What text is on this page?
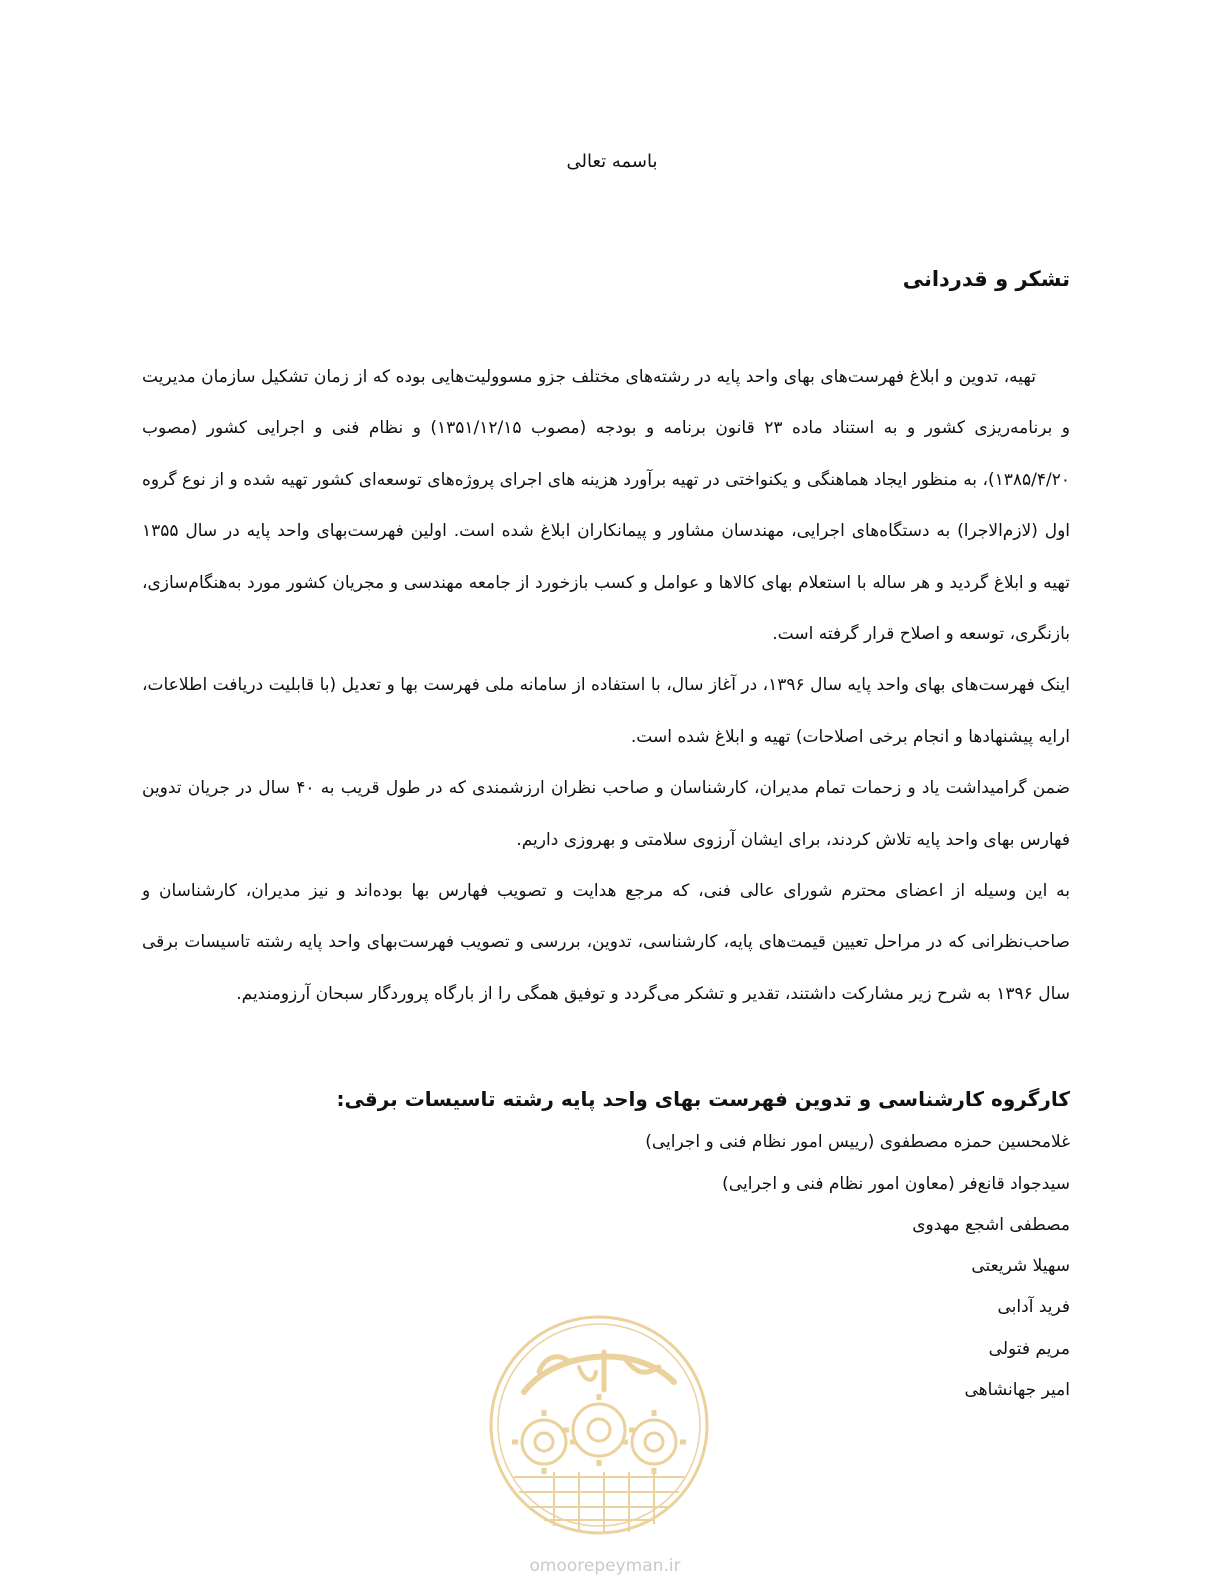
باسمه تعالی
تشکر و قدردانی

تهیه، تدوین و ابلاغ فهرست‌های بهای واحد پایه در رشته‌های مختلف جزو مسوولیت‌هایی بوده که از زمان تشکیل سازمان مدیریت و برنامه‌ریزی کشور و به استناد ماده ۲۳ قانون برنامه و بودجه (مصوب ۱۳۵۱/۱۲/۱۵) و نظام فنی و اجرایی کشور (مصوب ۱۳۸۵/۴/۲۰)، به منظور ایجاد هماهنگی و یکنواختی در تهیه برآورد هزینه های اجرای پروژه‌های توسعه‌ای کشور تهیه شده و از نوع گروه اول (لازم‌الاجرا) به دستگاه‌های اجرایی، مهندسان مشاور و پیمانکاران ابلاغ شده است. اولین فهرست‌بهای واحد پایه در سال ۱۳۵۵ تهیه و ابلاغ گردید و هر ساله با استعلام بهای کالاها و عوامل و کسب بازخورد از جامعه مهندسی و مجریان کشور مورد به‌هنگام‌سازی، بازنگری، توسعه و اصلاح قرار گرفته است.

اینک فهرست‌های بهای واحد پایه سال ۱۳۹۶، در آغاز سال، با استفاده از سامانه ملی فهرست بها و تعدیل (با قابلیت دریافت اطلاعات، ارایه پیشنهادها و انجام برخی اصلاحات) تهیه و ابلاغ شده است.

ضمن گرامیداشت یاد و زحمات تمام مدیران، کارشناسان و صاحب نظران ارزشمندی که در طول قریب به ۴۰ سال در جریان تدوین فهارس بهای واحد پایه تلاش کردند، برای ایشان آرزوی سلامتی و بهروزی داریم.

به این وسیله از اعضای محترم شورای عالی فنی، که مرجع هدایت و تصویب فهارس بها بوده‌اند و نیز مدیران، کارشناسان و صاحب‌نظرانی که در مراحل تعیین قیمت‌های پایه، کارشناسی، تدوین، بررسی و تصویب فهرست‌بهای واحد پایه رشته تاسیسات برقی سال ۱۳۹۶ به شرح زیر مشارکت داشتند، تقدیر و تشکر می‌گردد و توفیق همگی را از بارگاه پروردگار سبحان آرزومندیم.

کارگروه کارشناسی و تدوین فهرست بهای واحد پایه رشته تاسیسات برقی:
غلامحسین حمزه مصطفوی (رییس امور نظام فنی و اجرایی)
سیدجواد قانع‌فر (معاون امور نظام فنی و اجرایی)
مصطفی اشجع مهدوی
سهیلا شریعتی
فرید آدابی
مریم فتولی
امیر جهانشاهی
omoorepeyman.ir
